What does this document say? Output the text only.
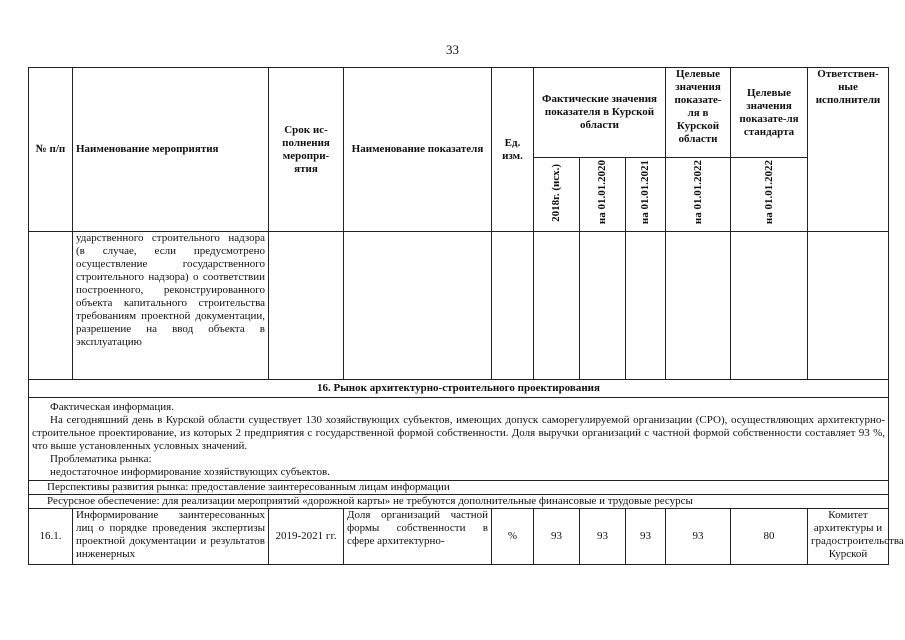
33
№ п/п	Наименование мероприятия	Срок ис-полнения меропри-ятия	Наименование показателя	Ед. изм.	Фактические значения показателя в Курской области			Целевые значения показате-ля в Курской области	Целевые значения показате-ля стандарта	Ответствен-ные исполнители
					2018г. (исх.)	на 01.01.2020	на 01.01.2021	на 01.01.2022	на 01.01.2022	
	ударственного строительного надзора (в случае, если предусмотрено осуществление государственного строительного надзора) о соответствии построенного, реконструированного объекта капитального строительства требованиям проектной документации, разрешение на ввод объекта в эксплуатацию									
16. Рынок архитектурно-строительного проектирования										

Фактическая информация.

На сегодняшний день в Курской области существует 130 хозяйствующих субъектов, имеющих допуск саморегулируемой организации (СРО), осуществляющих архитектурно-строительное проектирование, из которых 2 предприятия с государственной формой собственности. Доля выручки организаций с частной формой собственности составляет 93 %, что выше установленных условных значений.

Проблематика рынка:

недостаточное информирование хозяйствующих субъектов.										

Перспективы развития рынка: предоставление заинтересованным лицам информации										
Ресурсное обеспечение: для реализации мероприятий «дорожной карты» не требуются дополнительные финансовые и трудовые ресурсы										
16.1.	Информирование заинтересованных лиц о порядке проведения экспертизы проектной документации и результатов инженерных	2019-2021 гг.	Доля организаций частной формы собственности в сфере архитектурно-	%	93	93	93	93	80	Комитет архитектуры и градостроительства Курской
